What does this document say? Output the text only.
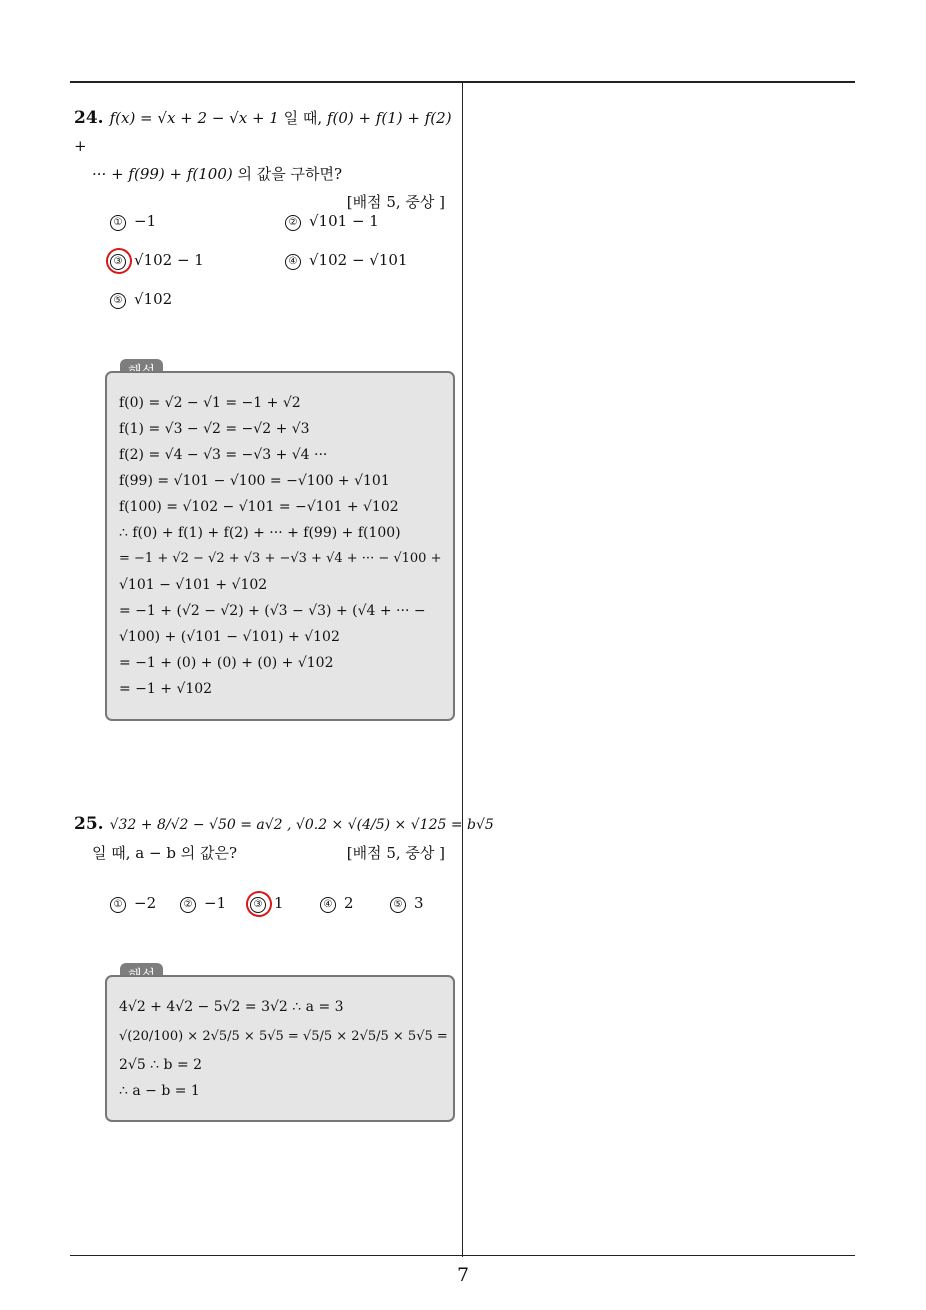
24. f(x) = √x + 2 − √x + 1 일 때, f(0) + f(1) + f(2) +
··· + f(99) + f(100) 의 값을 구하면?
[배점 5, 중상 ]
① −1	② √101 − 1
③ √102 − 1	④ √102 − √101
⑤ √102
f(0) = √2 − √1 = −1 + √2
f(1) = √3 − √2 = −√2 + √3
f(2) = √4 − √3 = −√3 + √4 ···
f(99) = √101 − √100 = −√100 + √101
f(100) = √102 − √101 = −√101 + √102
∴ f(0) + f(1) + f(2) + ··· + f(99) + f(100)
= −1 + √2 − √2 + √3 + −√3 + √4 + ··· − √100 +
√101 − √101 + √102
= −1 + (√2 − √2) + (√3 − √3) + (√4 + ··· −
√100) + (√101 − √101) + √102
= −1 + (0) + (0) + (0) + √102
= −1 + √102
25. √32 + 8/√2 − √50 = a√2 , √0.2 × √(4/5) × √125 = b√5
일 때, a − b 의 값은?	[배점 5, 중상 ]
① −2	② −1	③ 1	④ 2	⑤ 3
4√2 + 4√2 − 5√2 = 3√2 ∴ a = 3
√(20/100) × 2√5/5 × 5√5 = √5/5 × 2√5/5 × 5√5 =
2√5 ∴ b = 2
∴ a − b = 1
7
